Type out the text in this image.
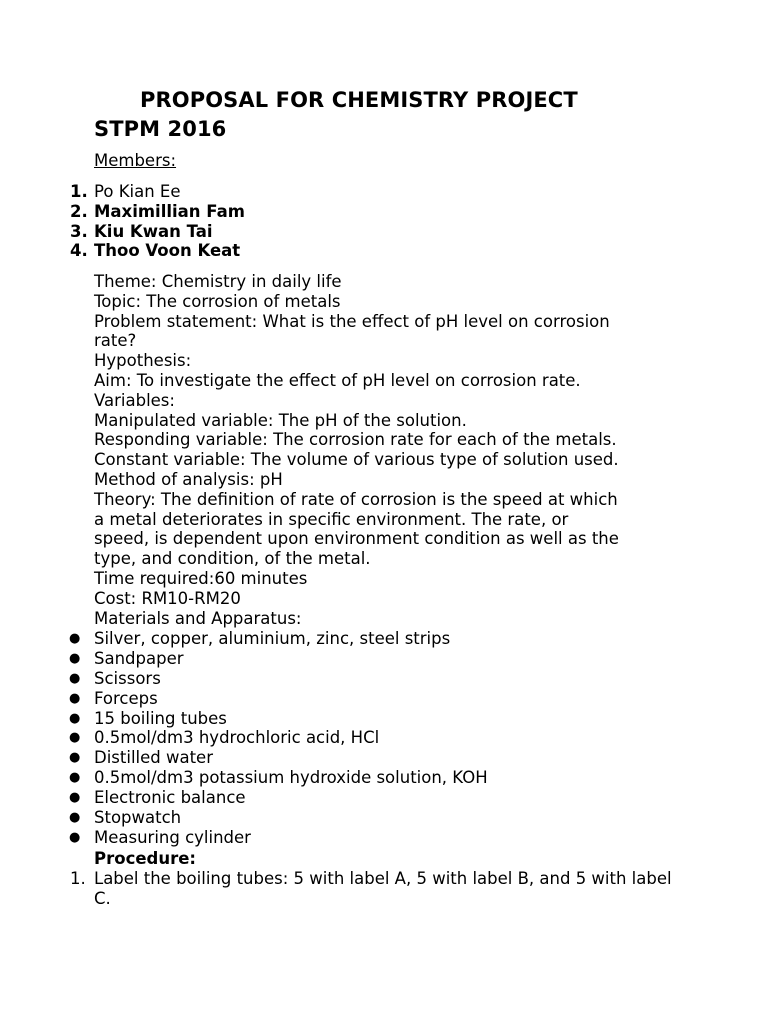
PROPOSAL FOR CHEMISTRY PROJECT
STPM 2016
Members:
1. Po Kian Ee
2. Maximillian Fam
3. Kiu Kwan Tai
4. Thoo Voon Keat
Theme: Chemistry in daily life
Topic: The corrosion of metals
Problem statement: What is the effect of pH level on corrosion
rate?
Hypothesis:
Aim: To investigate the effect of pH level on corrosion rate.
Variables:
Manipulated variable: The pH of the solution.
Responding variable: The corrosion rate for each of the metals.
Constant variable: The volume of various type of solution used.
Method of analysis: pH
Theory: The definition of rate of corrosion is the speed at which
a metal deteriorates in specific environment. The rate, or
speed, is dependent upon environment condition as well as the
type, and condition, of the metal.
Time required:60 minutes
Cost: RM10-RM20
Materials and Apparatus:
● Silver, copper, aluminium, zinc, steel strips
● Sandpaper
● Scissors
● Forceps
● 15 boiling tubes
● 0.5mol/dm3 hydrochloric acid, HCl
● Distilled water
● 0.5mol/dm3 potassium hydroxide solution, KOH
● Electronic balance
● Stopwatch
● Measuring cylinder
Procedure:
1. Label the boiling tubes: 5 with label A, 5 with label B, and 5 with label C.
